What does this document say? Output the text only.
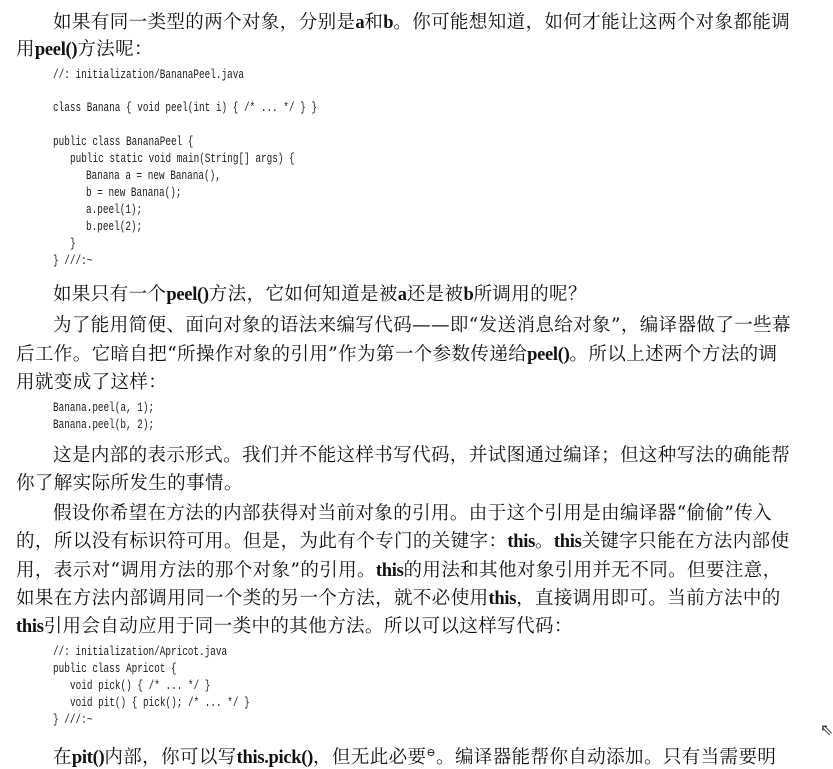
如果有同一类型的两个对象，分别是a和b。你可能想知道，如何才能让这两个对象都能调
用peel()方法呢：
如果只有一个peel()方法，它如何知道是被a还是被b所调用的呢？
为了能用简便、面向对象的语法来编写代码——即“发送消息给对象”，编译器做了一些幕
后工作。它暗自把“所操作对象的引用”作为第一个参数传递给peel()。所以上述两个方法的调
用就变成了这样：
这是内部的表示形式。我们并不能这样书写代码，并试图通过编译；但这种写法的确能帮
你了解实际所发生的事情。
假设你希望在方法的内部获得对当前对象的引用。由于这个引用是由编译器“偷偷”传入
的，所以没有标识符可用。但是，为此有个专门的关键字：this。this关键字只能在方法内部使
用，表示对“调用方法的那个对象”的引用。this的用法和其他对象引用并无不同。但要注意，
如果在方法内部调用同一个类的另一个方法，就不必使用this，直接调用即可。当前方法中的
this引用会自动应用于同一类中的其他方法。所以可以这样写代码：
在pit()内部，你可以写this.pick()，但无此必要⊖。编译器能帮你自动添加。只有当需要明
//: initialization/BananaPeel.java
class Banana { void peel(int i) { /* ... */ } }
public class BananaPeel {
public static void main(String[] args) {
Banana a = new Banana(),
b = new Banana();
a.peel(1);
b.peel(2);
}
} ///:~
Banana.peel(a, 1);
Banana.peel(b, 2);
//: initialization/Apricot.java
public class Apricot {
void pick() { /* ... */ }
void pit() { pick(); /* ... */ }
} ///:~
⇖
